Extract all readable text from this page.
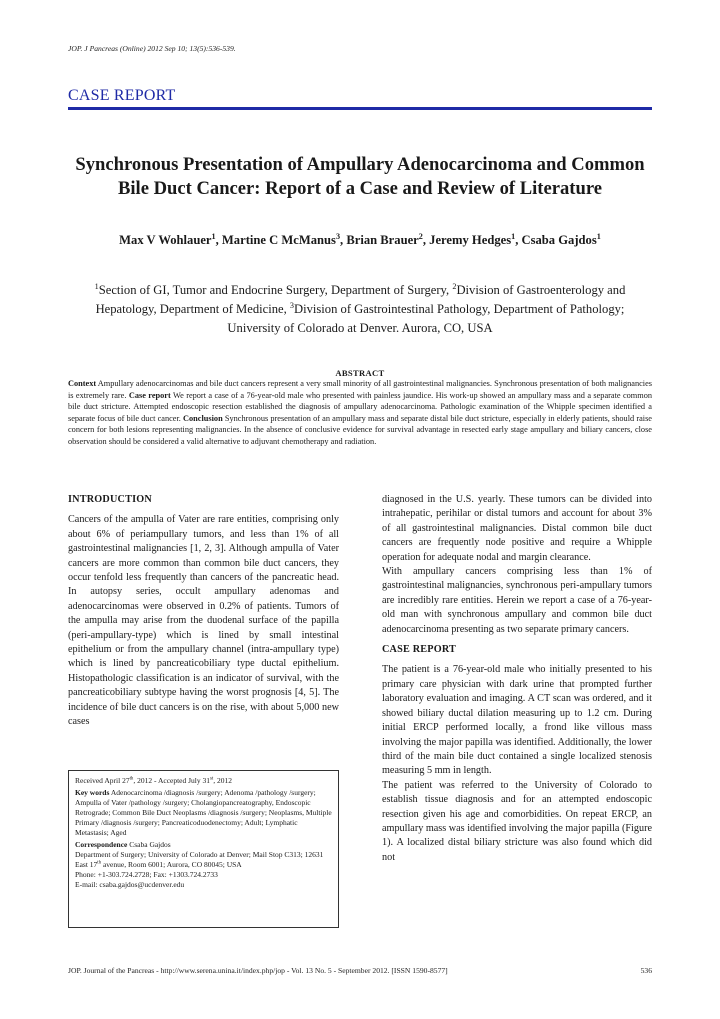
JOP. J Pancreas (Online) 2012 Sep 10; 13(5):536-539.
CASE REPORT
Synchronous Presentation of Ampullary Adenocarcinoma and Common
Bile Duct Cancer: Report of a Case and Review of Literature
Max V Wohlauer$^1$, Martine C McManus$^3$, Brian Brauer$^2$, Jeremy Hedges$^1$, Csaba Gajdos$^1$
$^1$Section of GI, Tumor and Endocrine Surgery, Department of Surgery, $^2$Division of Gastroenterology and Hepatology, Department of Medicine, $^3$Division of Gastrointestinal Pathology, Department of Pathology; University of Colorado at Denver. Aurora, CO, USA
ABSTRACT
Context Ampullary adenocarcinomas and bile duct cancers represent a very small minority of all gastrointestinal malignancies. Synchronous presentation of both malignancies is extremely rare. Case report We report a case of a 76-year-old male who presented with painless jaundice. His work-up showed an ampullary mass and a separate common bile duct stricture. Attempted endoscopic resection established the diagnosis of ampullary adenocarcinoma. Pathologic examination of the Whipple specimen identified a separate focus of bile duct cancer. Conclusion Synchronous presentation of an ampullary mass and separate distal bile duct stricture, especially in elderly patients, should raise concern for both lesions representing malignancies. In the absence of conclusive evidence for survival advantage in resected early stage ampullary and biliary cancers, close observation should be considered a valid alternative to adjuvant chemotherapy and radiation.
INTRODUCTION

Cancers of the ampulla of Vater are rare entities, comprising only about 6% of periampullary tumors, and less than 1% of all gastrointestinal malignancies [1, 2, 3]. Although ampulla of Vater cancers are more common than common bile duct cancers, they occur tenfold less frequently than cancers of the pancreatic head. In autopsy series, occult ampullary adenomas and adenocarcinomas were observed in 0.2% of patients. Tumors of the ampulla may arise from the duodenal surface of the papilla (peri-ampullary-type) which is lined by small intestinal epithelium or from the ampullary channel (intra-ampullary type) which is lined by pancreaticobiliary type ductal epithelium. Histopathologic classification is an indicator of survival, with the pancreaticobiliary subtype having the worst prognosis [4, 5]. The incidence of bile duct cancers is on the rise, with about 5,000 new cases

Received April 27th, 2012 - Accepted July 31st, 2012

Key words Adenocarcinoma /diagnosis /surgery; Adenoma /pathology /surgery; Ampulla of Vater /pathology /surgery; Cholangiopancreatography, Endoscopic Retrograde; Common Bile Duct Neoplasms /diagnosis /surgery; Neoplasms, Multiple Primary /diagnosis /surgery; Pancreaticoduodenectomy; Adult; Lymphatic Metastasis; Aged

Correspondence Csaba Gajdos

Department of Surgery; University of Colorado at Denver; Mail Stop C313; 12631 East 17th avenue, Room 6001; Aurora, CO 80045; USA

Phone: +1-303.724.2728; Fax: +1303.724.2733

E-mail: csaba.gajdos@ucdenver.edu

diagnosed in the U.S. yearly. These tumors can be divided into intrahepatic, perihilar or distal tumors and account for about 3% of all gastrointestinal malignancies. Distal common bile duct cancers are frequently node positive and require a Whipple operation for adequate nodal and margin clearance.

With ampullary cancers comprising less than 1% of gastrointestinal malignancies, synchronous peri-ampullary tumors are incredibly rare entities. Herein we report a case of a 76-year-old man with synchronous ampullary and common bile duct adenocarcinoma presenting as two separate primary cancers.

CASE REPORT

The patient is a 76-year-old male who initially presented to his primary care physician with dark urine that prompted further laboratory evaluation and imaging. A CT scan was ordered, and it showed biliary ductal dilation measuring up to 1.2 cm. During initial ERCP performed locally, a frond like villous mass involving the major papilla was identified. Additionally, the lower third of the main bile duct contained a single localized stenosis measuring 5 mm in length.

The patient was referred to the University of Colorado to establish tissue diagnosis and for an attempted endoscopic resection given his age and comorbidities. On repeat ERCP, an ampullary mass was identified involving the major papilla (Figure 1). A localized distal biliary stricture was also found which did not

JOP. Journal of the Pancreas - http://www.serena.unina.it/index.php/jop - Vol. 13 No. 5 - September 2012. [ISSN 1590-8577]	536
